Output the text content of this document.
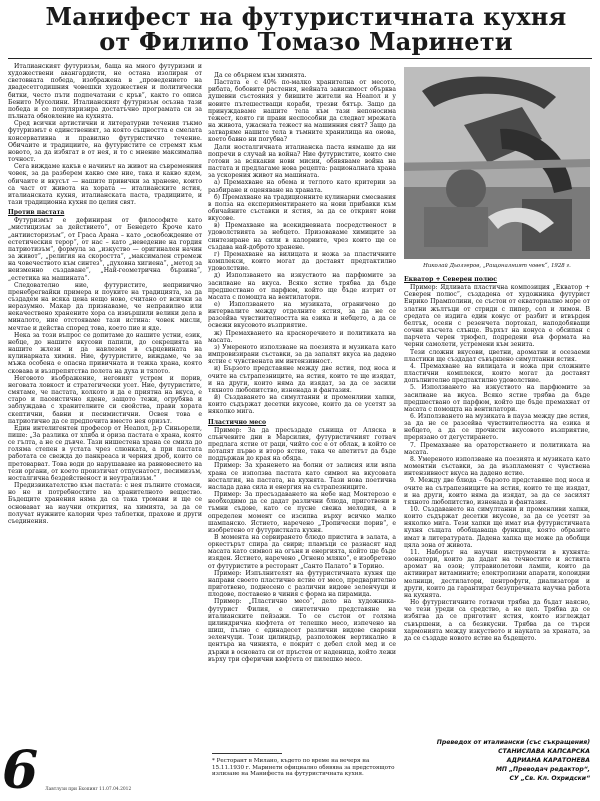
Манифест на футуристичната кухня от Филипо Томазо Маринети

Италианският футуризъм, баща на много футуризми и художествени авангардисти, не остана изолиран от световната победа, изображена в „проведението на двадесетгодишния човешки художествен и политически битки, често пъти подпечатани с кръв“, както го описа Бенито Мусолини. Италианският футуризъм осъзна тази победа и се популяризира достатъчно програмата си за пълната обновление на кухнята.

Сред всички артистични и литературни течения тъкмо футуризмът е единственият, за която същността е смелата консервативна и правилно футуристично течение. Обичаите и традициите, на футуристите се стремят към новото, за да избягат в от нея, и то с мнение максимална точност.

Сега виждаме какъв е начинът на живот на съвременния човек, за да разберем какво сме ние, така и какво ядем, обичаите и вкусът — нашите привички за хранене, които са част от живота на хората — италианските ястия, италианската кухня, италианската пастa, традициите, и тази традиционна кухня по целия свят.

Против пастата

Футуризмът е дефиниран от философите като „мистицизъм за действието“, от Бенедето Кроче като „антиисторизъм“, от Граса Арана – като „освобождение от естетическия терор“, от нас – като „неведение на гордия патриотизъм“, формула за „изкуство — оригинален начин за живот“, „религия на скоростта“, „максимален стремеж на човечеството към синтез“, „духовна хигиена“, „метод за неизменно създаване“, „Най-геометрична бързина“, „естетика на машината“.

Следователно ние, футуристите, непривично пренебрегвайки примера и поуките на традицията, за да създадем на всяка цена нещо ново, считано от всички за неразумно. Макар да признаваме, че неправилно или некачествено хранените хора са извършили велики дела в миналото, ние отстояваме тази истина: човек мисли, мечтае и действа според това, което пие и яде.

Нека за този въпрос се допитаме до нашите устни, език, небце, до нашите вкусови папили, до секрецията на нашите жлези и да навлезем в сърцевината на кулинарната химия. Ние, футуристите, виждаме, че за мъжа особена е опасна привичната и тежка храна, която сковава и възпрепятства полета на духа и тялото.

Неговото въображение, неговият устрем и порив, неговата ловкост и стратегически усет. Ние, футуристите, смятаме, че пастата, колкото и да е приятна на вкуса, е старо и пасеистично ядене, защото тежи, огрубява и заблуждава с хранителните си свойства, прави хората скептични, бавни и песимистични. Освен това е патриотично да се предпочита вместо нея оризът.

Един интелигентен професор от Неапол, д-р Синьорели, пише: „За разлика от хляба и ориза пастата е храна, която се гълта, а не се дъвче. Тази нишестена храна се смила до голяма степен в устата чрез слюнката, а при пастата работата се свежда до панкреаса и черния дроб, които се претоварват. Това води до нарушаване на равновесието на тези органи, от което произтичат отпуснатост, песимизъм, носталгична бездейственост и неутрализъм.“

Предизвикателство към пастата: с нея пълните стомаси, но не и потребностите на хранителното вещество. Бъдещите хранения няма да са така тромави и ще се основават на научни открития, на химията, за да се получат нужните калории чрез таблетки, прахове и други съединения.

Да се обърнем към химията.

Пастата е с 40% по-малко хранителна от месото, рибата, бобовите растения, нейната зависимост обърква душевни състояния у бившите жители на Неапол и у новите пътешестващи кораби, трезви бятър. Защо да принуждаваме нашите тела към тази непоносима тежест, която ги прави неспособни да следват мрежата на живота, ужасната тежест на машинния свят? Защо да затваряме нашите тела в тъмните хранилища на онова, което бавно ни погубва?

Дали носталгичната италианска паста нямаше да ни попречи в случай на война? Ние футуристите, които сме готови за всякакви нови мисии, обявяваме война на пастата и предлагаме нова рецепта: рационалната храна за ускорения живот на машината.

а) Премахване на обема и теглото като критерии за разбиране и оценяване на храната.

б) Премахване на традиционните кулинарни смесвания в полза на експериментирането на нови прибавки към обичайните съставки и ястия, за да се открият нови вкусове.

в) Премахване на всекидневната посредственост в удоволствията за небцето. Призоваваме химиците за синтезиране на сили в калориите, чрез които ще се създава най-доброто хранене.

г) Премахване на вилицата и ножа за пластичните комплекси, които могат да доставят предтактилно удоволствие.

д) Използването на изкуството на парфюмите за засилване на вкуса. Всяко ястие трябва да бъде предшествано от парфюм, който ще бъде изтрит от масата с помощта на вентилатори.

е) Използването на музиката, ограничено до интервалите между отделните ястия, за да не се разсейва чувствителността на езика и небцето, а да се освежи вкусовото възприятие.

ж) Премахването на красноречието и политиката на масата.

з) Умереното използване на поезията и музиката като импровизирани съставки, за да запалят вкуса на дадено ястие с чувствената им интензивност.

и) Бързото представяне между две ястия, под носа и очите на сътрапезниците, на ястия, които те ще изядат, и на други, които няма да изядат, за да се засили тяхното любопитство, изненада и фантазия.

й) Създаването на симултанни и променливи хапки, които съдържат десетки вкусове, които да се усетят за няколко мига.

Пластично месо

Пример: За да пресъздаде сънища от Аляска в слънчевите дни в Марсилия, футуристичният готвач предлага ястие от раци, чийто сос е от облак, в който се потапят първо и второ ястие, така че апетитът да бъде поддържан до края на обяда.

Пример: За храненето на болни от залисия или вяла храна се използва пастата като символ на вкусовата носталгия, на пастата, на кухнята. Тази нова поетична наслада дава сила и енергия на сътрапезниците.

Пример: За пресъздаването на небе над Монтерозо е необходимо да се дадат различни блюда, приготвени в тъмни съдове, като се пусне свежа мелодия, а в определен момент се изсипва върху всичко малко шампанско. Ястието, наречено „Тропически порив“, е изобретено от футуристката кухня.

В момента на сервирането блюдо пристига в залата, а оркестърът спира да свири; пламъци се разнасят над масата като символ на огъня и енергията, който ще бъде изяден. Ястието, наречено „Огнено мляко“, е изобретено от футуристите в ресторант „Санто Палато“ в Торино.

Пример: Изпълнителят на футуристичната кухня ще направи своето пластично ястие от месо, предварително приготвено, поднесено с различни видове зеленчуци и плодове, поставено в чиния с форма на пирамида.

Пример: „Пластично месо“, дело на художника-футурист Филия, е синтетично представяне на италианските пейзажи. То се състои от голяма цилиндрична кюфтета от телешко месо, изпечено на шиш, пълно с единадесет различни видове сварени зеленчуци. Този цилиндър, разположен вертикално в центъра на чинията, е покрит с дебел слой мед и се държи в основата си от пръстен от наденица, който лежи върху три сферични кюфтета от пилешко месо.

Николай Дьолгеров, „Ращоналният човек“, 1928 г.

Екватор + Северен полюс

Пример: Ядливата пластична композиция „Екватор + Северен полюс“, създадена от художника футурист Енрико Прамполини, се състои от екваториално море от златни жълтъци от стриди с пипер, сол и лимон. В средата се издига един конус от разбит и втвърден белтък, осеян с резенчета портокал, наподобяващи сочни късчета слънце. Върхът на конуса е обсипан с парчета черен трюфел, подредени във формата на черни самолети, устремени към зенита.

Тези сложни вкусови, цветни, ароматни и осезаеми пластики ще създадат съвършено симултанни ястия.

4. Премахване на вилицата и ножа при сложните пластични комплекси, които могат да доставят допълнително предтактилно удоволствие.

5. Използването на изкуството на парфюмите за засилване на вкуса. Всяко ястие трябва да бъде предшествано от парфюм, който ще бъде премахнат от масата с помощта на вентилатори.

6. Използването на музиката в пауза между две ястия, за да не се разсейва чувствителността на езика и небцето, а да се прочисти вкусовото възприятие, прерязано от дегустирането.

7. Премахване на ораторстването и политиката на масата.

8. Умереното използване на поезията и музиката като моментни съставки, за да възпламенят с чувствена интензивност вкуса на дадено ястие.

9. Между две блюда – бързото представяне под носа и очите на сътрапезниците на ястия, които те ще изядат, и на други, които няма да изядат, за да се засилят тяхното любопитство, изненада и фантазия.

10. Създаването на симултанни и променливи хапки, които съдържат десетки вкусове, за да се усетят за няколко мига. Тези хапки ще имат във футуристичната кухня същата обобщаваща функция, която образите имат в литературата. Дадена хапка ще може да обобщи цяла зона от живота.

11. Наборът на научни инструменти в кухнята: озонатори, които да дадат на течностите и ястията аромат на озон; ултравиолетови лампи, които да активират витамините; електролизни апарати, колоидни мелници, дестилатори, центрофуги, диализатори и други, които да гарантират безупречната научна работа на кухнята.

Но футуристичните готвачи трябва да бъдат наясно, че тези уреди са средство, а не цел. Трябва да се избягва да се приготвят ястия, които изглеждат съвършени, а са безвкусни. Трябва да се търси хармонията между изкуството и науката за храната, за да се създаде новото ястие на бъдещето.

* Ресторант в Милано, където по време на вечеря на 15.11.1930 г. Маринети официално обявява за предстоящото излизане на Манифеста на футуристичната кухня.
Преведох от италиански (със съкращения)
СТАНИСЛАВА КАПСАРСКА
АДРИАНА КАРАТОНЕВА
МП „Преводач редактор“,
СУ „Св. Кл. Охридски“
6 Лавтлузи при Бхопинг 11.07.04.2012
